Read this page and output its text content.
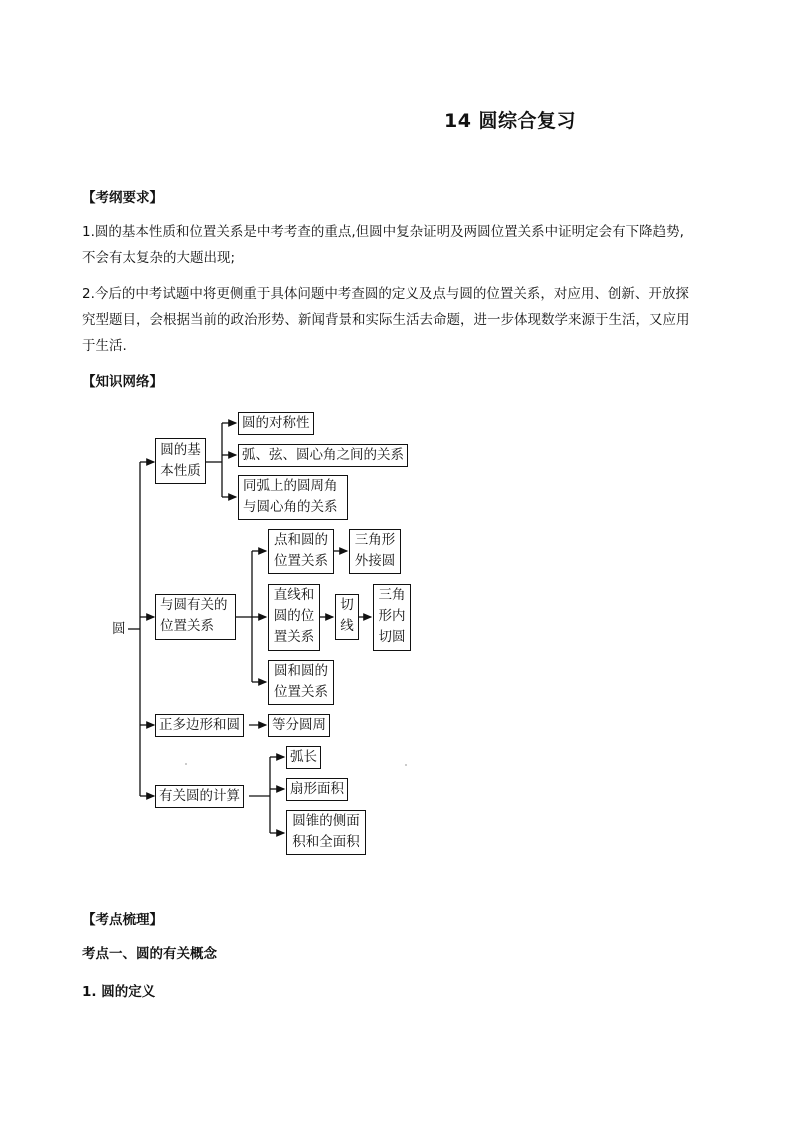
14 圆综合复习
【考纲要求】
1.圆的基本性质和位置关系是中考考查的重点,但圆中复杂证明及两圆位置关系中证明定会有下降趋势,
不会有太复杂的大题出现;
2.今后的中考试题中将更侧重于具体问题中考查圆的定义及点与圆的位置关系，对应用、创新、开放探
究型题目，会根据当前的政治形势、新闻背景和实际生活去命题，进一步体现数学来源于生活，又应用
于生活.
【知识网络】
圆
圆的基
本性质
圆的对称性
弧、弦、圆心角之间的关系
同弧上的圆周角
与圆心角的关系
与圆有关的
位置关系
点和圆的
位置关系
三角形
外接圆
直线和
圆的位
置关系
切
线
三角
形内
切圆
圆和圆的
位置关系
正多边形和圆 等分圆周
有关圆的计算
弧长
扇形面积
圆锥的侧面
积和全面积
【考点梳理】
考点一、圆的有关概念
1. 圆的定义
